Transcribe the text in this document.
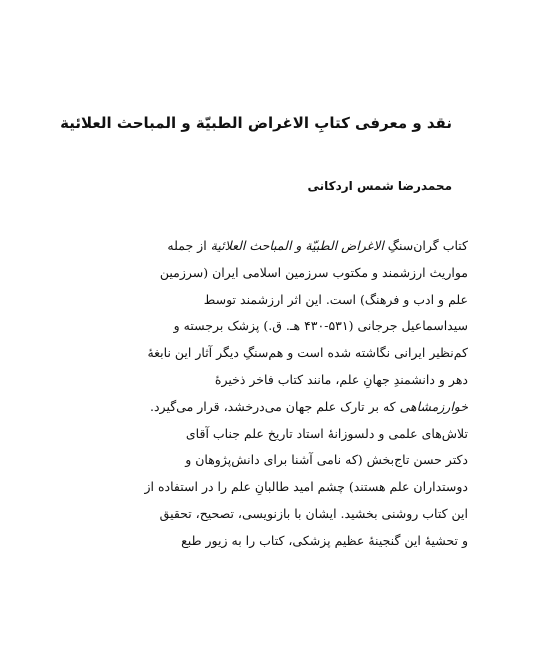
نقد و معرفی کتابِ الاغراض الطبیّة و المباحث العلائیة
محمدرضا شمس اردکانی
کتاب گران‌سنگِ الاغراض الطبیّة و المباحث العلائیة از جمله
مواریث ارزشمند و مکتوب سرزمین اسلامی ایران (سرزمین
علم و ادب و فرهنگ) است. این اثر ارزشمند توسط
سیداسماعیل جرجانی (۵۳۱-۴۳۰ هـ. ق.) پزشک برجسته و
کم‌نظیر ایرانی نگاشته شده است و هم‌سنگِ دیگر آثار این نابغهٔ
دهر و دانشمندِ جهانِ علم، مانند کتاب فاخر ذخیرهٔ
خوارزمشاهی که بر تارک علم جهان می‌درخشد، قرار می‌گیرد.
تلاش‌های علمی و دلسوزانهٔ استاد تاریخ علم جناب آقای
دکتر حسن تاج‌بخش (که نامی آشنا برای دانش‌پژوهان و
دوستداران علم هستند) چشم امید طالبانِ علم را در استفاده از
این کتاب روشنی بخشید. ایشان با بازنویسی، تصحیح، تحقیق
و تحشیهٔ این گنجینهٔ عظیم پزشکی، کتاب را به زیور طبع
